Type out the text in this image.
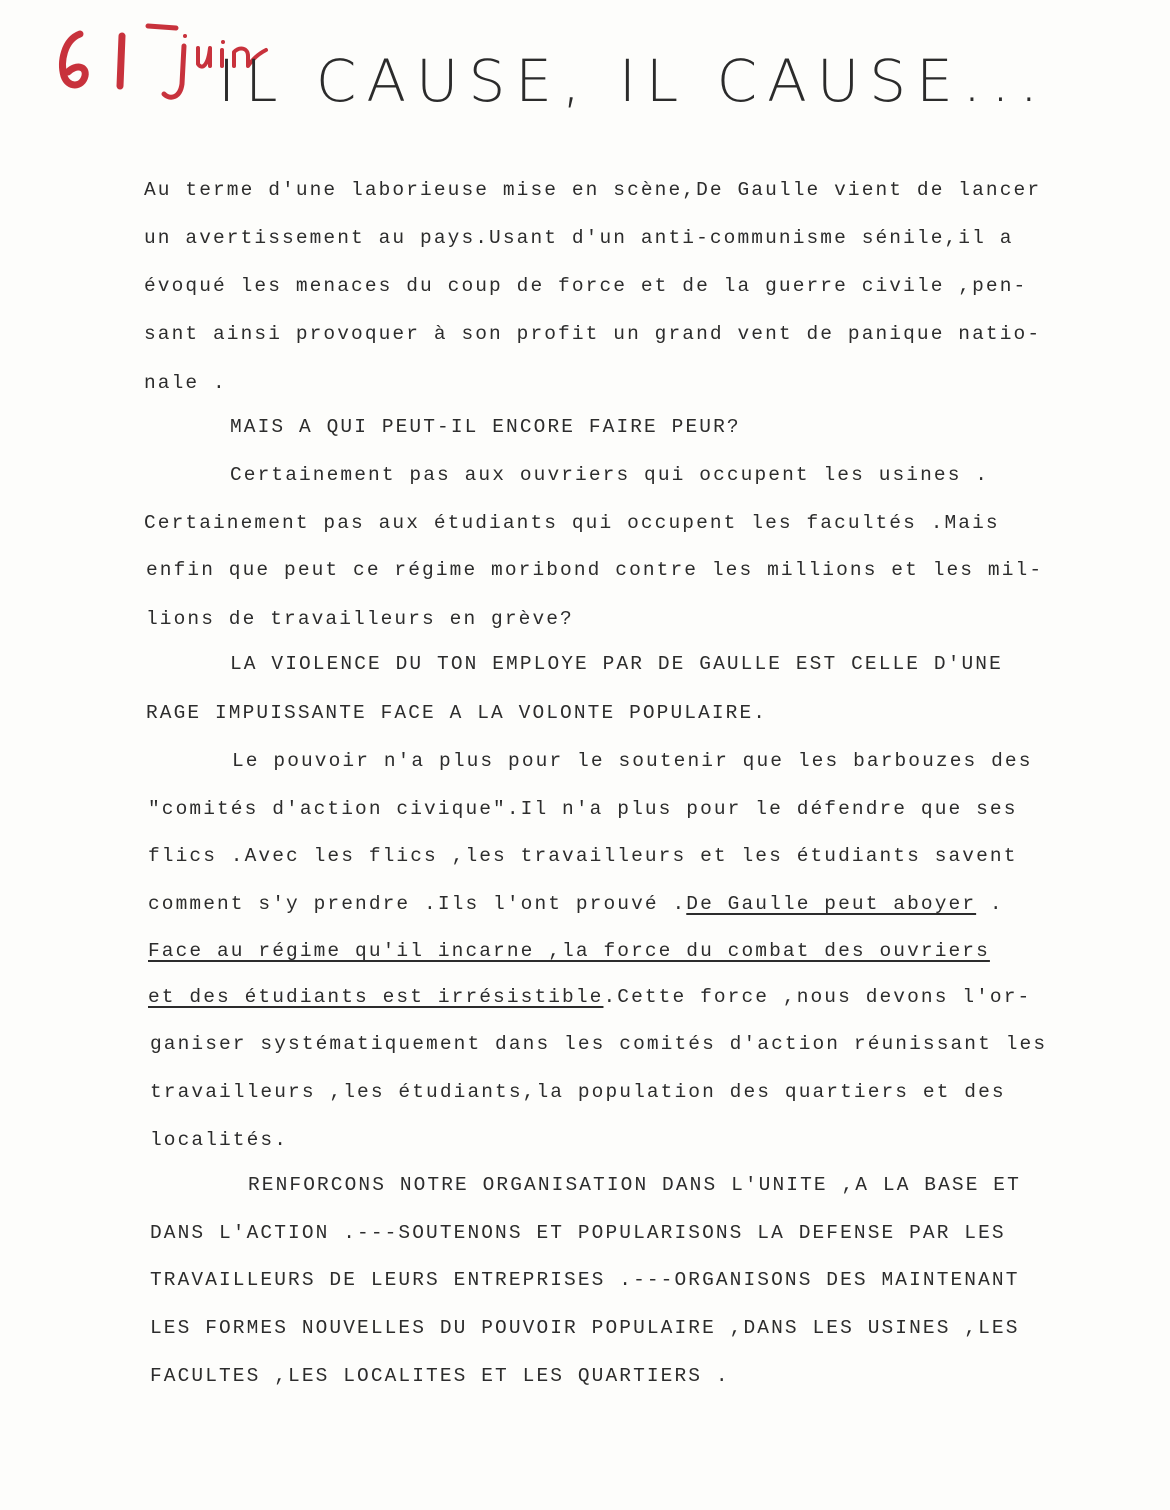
IL CAUSE, IL CAUSE...
Au terme d'une laborieuse mise en scène,De Gaulle vient de lancer
un avertissement au pays.Usant d'un anti-communisme sénile,il a
évoqué les menaces du coup de force et de la guerre civile ,pen-
sant ainsi provoquer à son profit un grand vent de panique natio-
nale .
MAIS A QUI PEUT-IL ENCORE FAIRE PEUR?
Certainement pas aux ouvriers qui occupent les usines .
Certainement pas aux étudiants qui occupent les facultés .Mais
enfin que peut ce régime moribond contre les millions et les mil-
lions de travailleurs en grève?
LA VIOLENCE DU TON EMPLOYE PAR DE GAULLE EST CELLE D'UNE
RAGE IMPUISSANTE FACE A LA VOLONTE POPULAIRE.
Le pouvoir n'a plus pour le soutenir que les barbouzes des
"comités d'action civique".Il n'a plus pour le défendre que ses
flics .Avec les flics ,les travailleurs et les étudiants savent
comment s'y prendre .Ils l'ont prouvé .De Gaulle peut aboyer .
Face au régime qu'il incarne ,la force du combat des ouvriers
et des étudiants est irrésistible.Cette force ,nous devons l'or-
ganiser systématiquement dans les comités d'action réunissant les
travailleurs ,les étudiants,la population des quartiers et des
localités.
RENFORCONS NOTRE ORGANISATION DANS L'UNITE ,A LA BASE ET
DANS L'ACTION .---SOUTENONS ET POPULARISONS LA DEFENSE PAR LES
TRAVAILLEURS DE LEURS ENTREPRISES .---ORGANISONS DES MAINTENANT
LES FORMES NOUVELLES DU POUVOIR POPULAIRE ,DANS LES USINES ,LES
FACULTES ,LES LOCALITES ET LES QUARTIERS .
